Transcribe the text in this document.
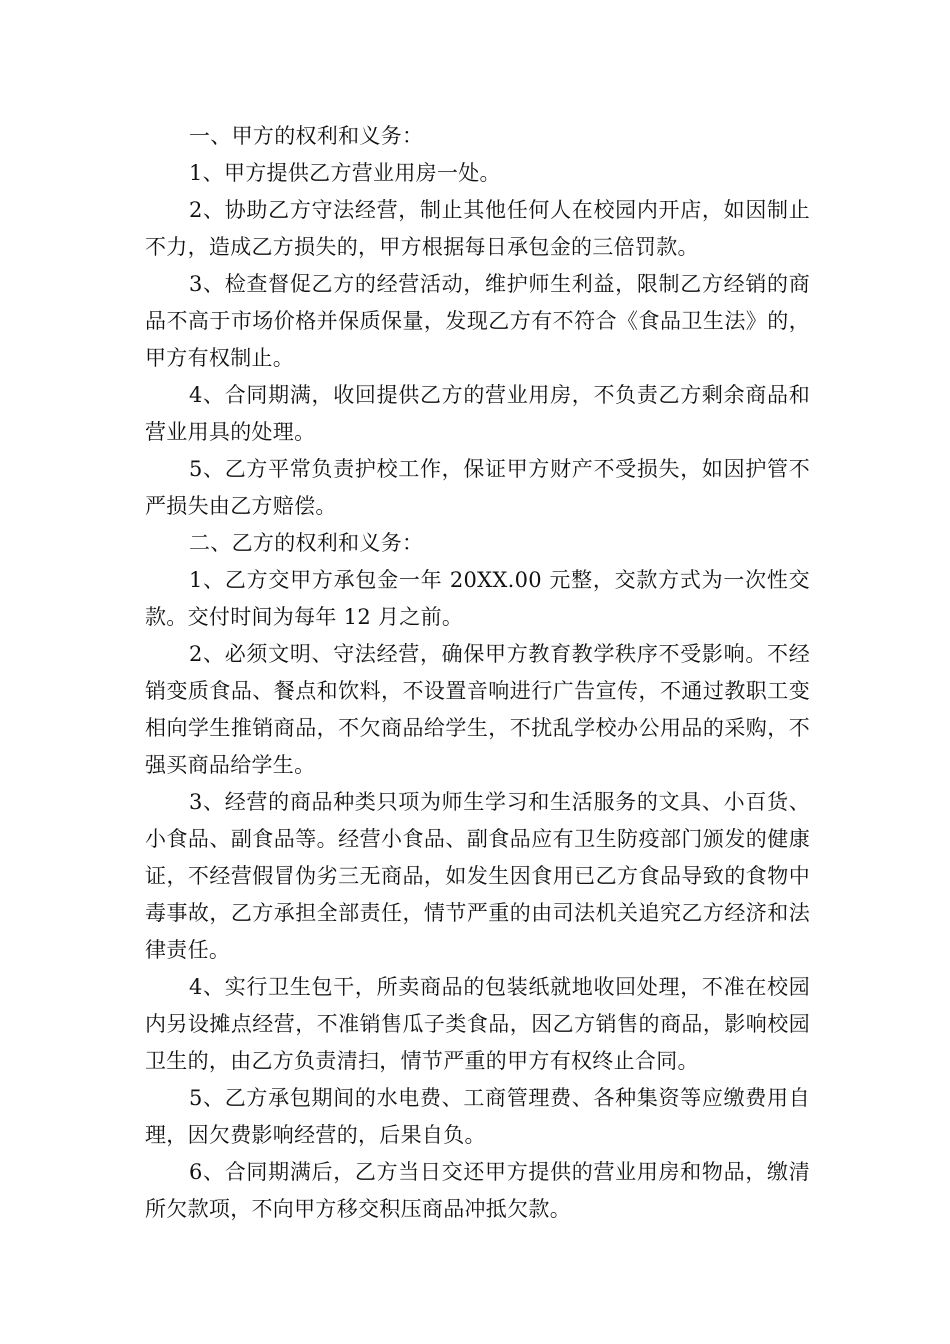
一、甲方的权利和义务：

1、甲方提供乙方营业用房一处。

2、协助乙方守法经营，制止其他任何人在校园内开店，如因制止不力，造成乙方损失的，甲方根据每日承包金的三倍罚款。

3、检查督促乙方的经营活动，维护师生利益，限制乙方经销的商品不高于市场价格并保质保量，发现乙方有不符合《食品卫生法》的，甲方有权制止。

4、合同期满，收回提供乙方的营业用房，不负责乙方剩余商品和营业用具的处理。

5、乙方平常负责护校工作，保证甲方财产不受损失，如因护管不严损失由乙方赔偿。

二、乙方的权利和义务：

1、乙方交甲方承包金一年 20XX.00 元整，交款方式为一次性交款。交付时间为每年 12 月之前。

2、必须文明、守法经营，确保甲方教育教学秩序不受影响。不经销变质食品、餐点和饮料，不设置音响进行广告宣传，不通过教职工变相向学生推销商品，不欠商品给学生，不扰乱学校办公用品的采购，不强买商品给学生。

3、经营的商品种类只项为师生学习和生活服务的文具、小百货、小食品、副食品等。经营小食品、副食品应有卫生防疫部门颁发的健康证，不经营假冒伪劣三无商品，如发生因食用已乙方食品导致的食物中毒事故，乙方承担全部责任，情节严重的由司法机关追究乙方经济和法律责任。

4、实行卫生包干，所卖商品的包装纸就地收回处理，不准在校园内另设摊点经营，不准销售瓜子类食品，因乙方销售的商品，影响校园卫生的，由乙方负责清扫，情节严重的甲方有权终止合同。

5、乙方承包期间的水电费、工商管理费、各种集资等应缴费用自理，因欠费影响经营的，后果自负。

6、合同期满后，乙方当日交还甲方提供的营业用房和物品，缴清所欠款项，不向甲方移交积压商品冲抵欠款。
